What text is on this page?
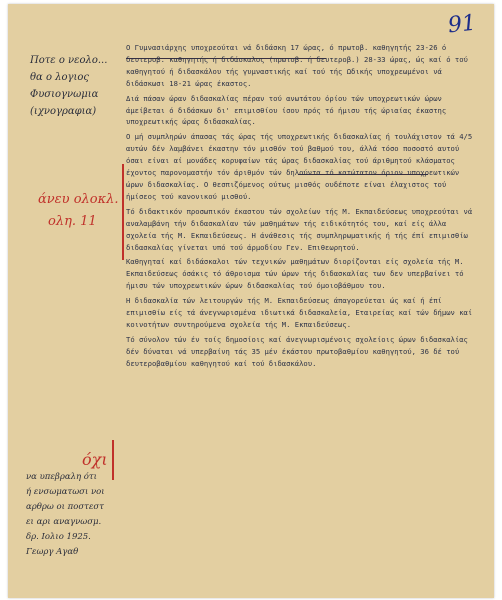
91
Ποτε ο νεολο...
θα ο λογιος
Φυσιογνωμια
(ιχνογραφια)
άνευ ολοκλ.
ολη. 11
όχι
να υπεβραλη ότι
ή ενσωματωσι νοι
αρθρω οι ποστεστ
ει αρι αναγνωσμ.
δρ. Ιολιο 1925.
Γεωργ Αγαθ

Ο Γυμνασιάρχης υποχρεούται νά διδάσκη 17 ώρας, ό πρωτοβ. καθηγητής 23-26 ό δευτεροβ. καθηγητής ή διδάσκαλος (πρωτοβ. ή δευτεροβ.) 28-33 ώρας, ώς καί ό τού καθηγητού ή διδασκάλου τής γυμναστικής καί τού τής Ωδικής υποχρεωμένοι νά διδάσκωσι 18-21 ώρας έκαστος.

Διά πάσαν ώραν διδασκαλίας πέραν τού ανωτάτου όρίου τών υποχρεωτικών ώρων άμείβεται ό διδάσκων δι' επιμισθίου ίσου πρός τό ήμισυ τής ώριαίας έκαστης υποχρεωτικής ώρας διδασκαλίας.

Ο μή συμπληρών άπασας τάς ώρας τής υποχρεωτικής διδασκαλίας ή τουλάχιστον τά 4/5 αυτών δέν λαμβάνει έκαστην τόν μισθόν τού βαθμού του, άλλά τόσο ποσοστό αυτού όσαι είναι αί μονάδες κορυφαίων τάς ώρας διδασκαλίας τού άριθμητού κλάσματος έχοντος παρονομαστήν τόν άριθμόν τών δηλούντα τό κατώτατον όριον υποχρεωτικών ώρων διδασκαλίας. Ο θεσπιζόμενος ούτως μισθός ουδέποτε είναι έλαχιστος τού ήμίσεος τού κανονικού μισθού.

Τό διδακτικόν προσωπικόν έκαστου τών σχολείων τής Μ. Εκπαιδεύσεως υποχρεούται νά αναλαμβάνη τήν διδασκαλίαν τών μαθημάτων τής ειδικότητός του, καί είς άλλα σχολεία τής Μ. Εκπαιδεύσεως. Η άνάθεσις τής συμπληρωματικής ή τής έπί επιμισθίω διδασκαλίας γίνεται υπό τού άρμοδίου Γεν. Επιθεωρητού.

Καθηγηταί καί διδάσκαλοι τών τεχνικών μαθημάτων διορίζονται είς σχολεία τής Μ. Εκπαιδεύσεως όσάκις τό άθροισμα τών ώρων τής διδασκαλίας των δεν υπερβαίνει τό ήμισυ τών υποχρεωτικών ώρων διδασκαλίας τού όμοιοβάθμου του.

Η διδασκαλία τών λειτουργών τής Μ. Εκπαιδεύσεως άπαγορεύεται ώς καί ή έπί επιμισθίω είς τά άνεγνωρισμένα ιδιωτικά διδασκαλεία, Εταιρείας καί τών δήμων καί κοινοτήτων συντηρούμενα σχολεία τής Μ. Εκπαιδεύσεως.

Τό σύνολον τών έν τοίς δημοσίοις καί άνεγνωρισμένοις σχολείοις ώρων διδασκαλίας δέν δύναται νά υπερβαίνη τάς 35 μέν έκάστου πρωτοβαθμίου καθηγητού, 36 δέ τού δευτεροβαθμίου καθηγητού καί τού διδασκάλου.
